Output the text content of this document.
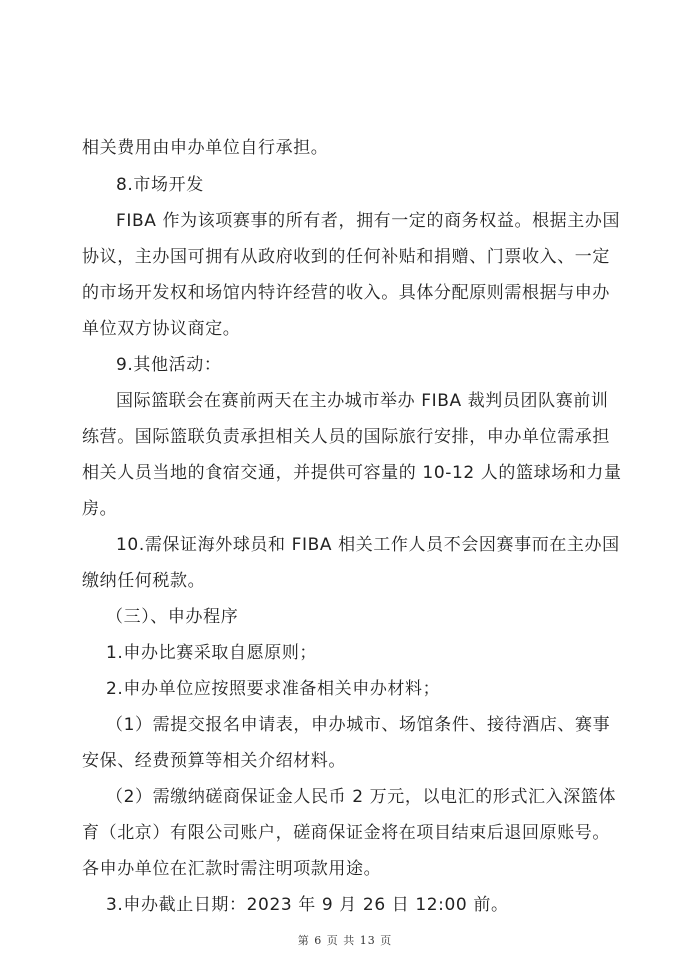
相关费用由申办单位自行承担。
8.市场开发
FIBA 作为该项赛事的所有者，拥有一定的商务权益。根据主办国
协议，主办国可拥有从政府收到的任何补贴和捐赠、门票收入、一定
的市场开发权和场馆内特许经营的收入。具体分配原则需根据与申办
单位双方协议商定。
9.其他活动：
国际篮联会在赛前两天在主办城市举办 FIBA 裁判员团队赛前训
练营。国际篮联负责承担相关人员的国际旅行安排，申办单位需承担
相关人员当地的食宿交通，并提供可容量的 10-12 人的篮球场和力量
房。
10.需保证海外球员和 FIBA 相关工作人员不会因赛事而在主办国
缴纳任何税款。
（三）、申办程序
1.申办比赛采取自愿原则；
2.申办单位应按照要求准备相关申办材料；
（1）需提交报名申请表，申办城市、场馆条件、接待酒店、赛事
安保、经费预算等相关介绍材料。
（2）需缴纳磋商保证金人民币 2 万元，以电汇的形式汇入深篮体
育（北京）有限公司账户，磋商保证金将在项目结束后退回原账号。
各申办单位在汇款时需注明项款用途。
3.申办截止日期：2023 年 9 月 26 日 12:00 前。
第 6 页 共 13 页
